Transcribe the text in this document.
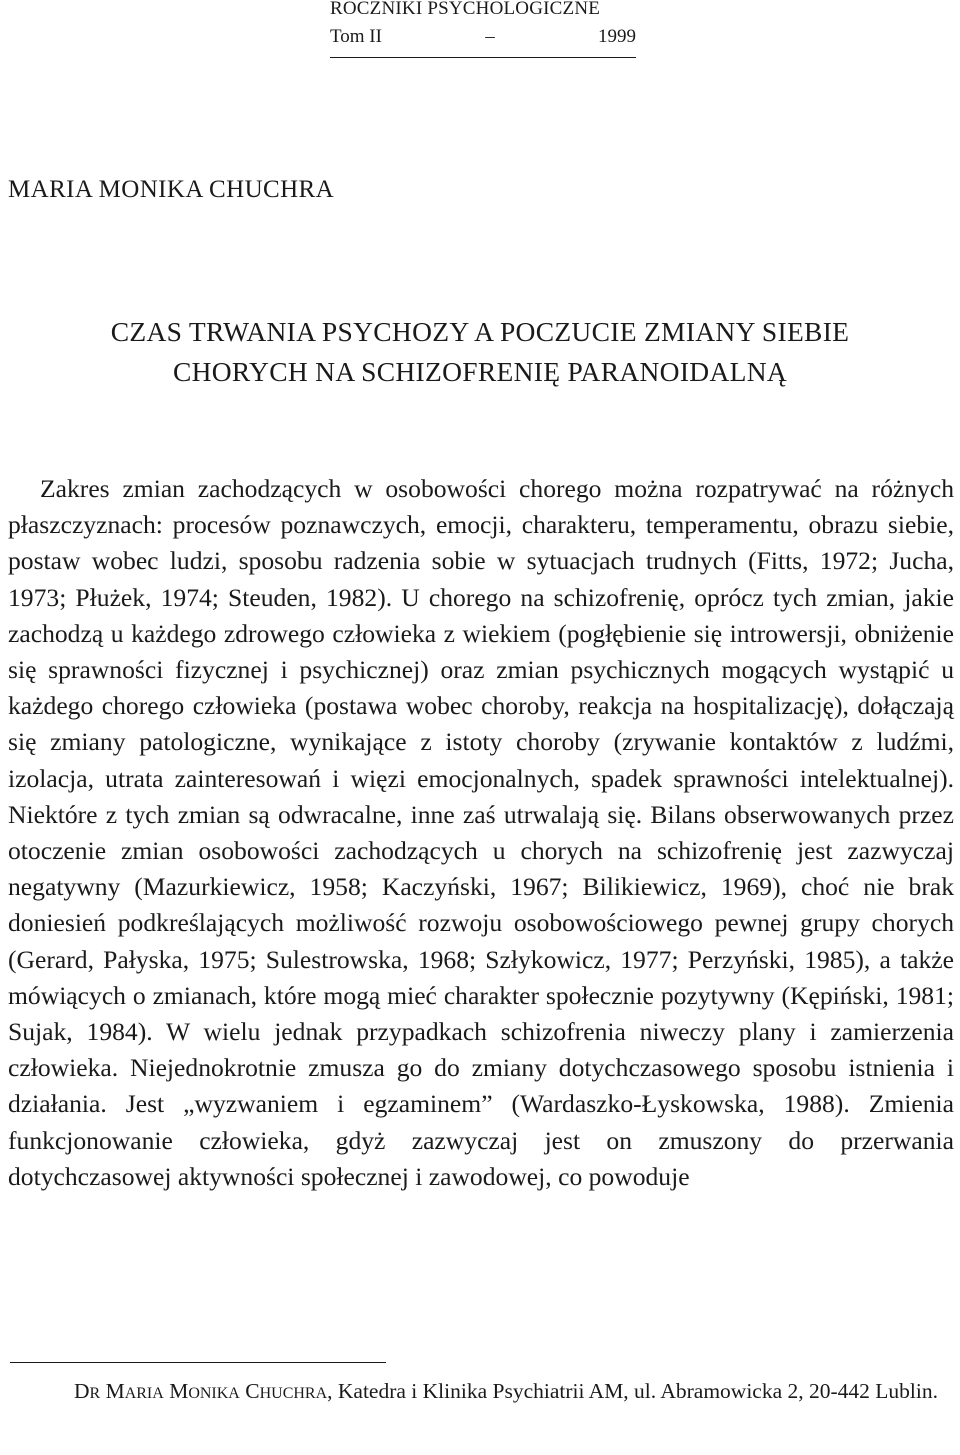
ROCZNIKI PSYCHOLOGICZNE
Tom II	–	1999
MARIA MONIKA CHUCHRA
CZAS TRWANIA PSYCHOZY A POCZUCIE ZMIANY SIEBIE
CHORYCH NA SCHIZOFRENIĘ PARANOIDALNĄ

Zakres zmian zachodzących w osobowości chorego można rozpatrywać na różnych płaszczyznach: procesów poznawczych, emocji, charakteru, temperamentu, obrazu siebie, postaw wobec ludzi, sposobu radzenia sobie w sytuacjach trudnych (Fitts, 1972; Jucha, 1973; Płużek, 1974; Steuden, 1982). U chorego na schizofrenię, oprócz tych zmian, jakie zachodzą u każdego zdrowego człowieka z wiekiem (pogłębienie się introwersji, obniżenie się sprawności fizycznej i psychicznej) oraz zmian psychicznych mogących wystąpić u każdego chorego człowieka (postawa wobec choroby, reakcja na hospitalizację), dołączają się zmiany patologiczne, wynikające z istoty choroby (zrywanie kontaktów z ludźmi, izolacja, utrata zainteresowań i więzi emocjonalnych, spadek sprawności intelektualnej). Niektóre z tych zmian są odwracalne, inne zaś utrwalają się. Bilans obserwowanych przez otoczenie zmian osobowości zachodzących u chorych na schizofrenię jest zazwyczaj negatywny (Mazurkiewicz, 1958; Kaczyński, 1967; Bilikiewicz, 1969), choć nie brak doniesień podkreślających możliwość rozwoju osobowościowego pewnej grupy chorych (Gerard, Pałyska, 1975; Sulestrowska, 1968; Szłykowicz, 1977; Perzyński, 1985), a także mówiących o zmianach, które mogą mieć charakter społecznie pozytywny (Kępiński, 1981; Sujak, 1984). W wielu jednak przypadkach schizofrenia niweczy plany i zamierzenia człowieka. Niejednokrotnie zmusza go do zmiany dotychczasowego sposobu istnienia i działania. Jest „wyzwaniem i egzaminem” (Wardaszko-Łyskowska, 1988). Zmienia funkcjonowanie człowieka, gdyż zazwyczaj jest on zmuszony do przerwania dotychczasowej aktywności społecznej i zawodowej, co powoduje

DR MARIA MONIKA CHUCHRA, Katedra i Klinika Psychiatrii AM, ul. Abramowicka 2, 20-442 Lublin.
